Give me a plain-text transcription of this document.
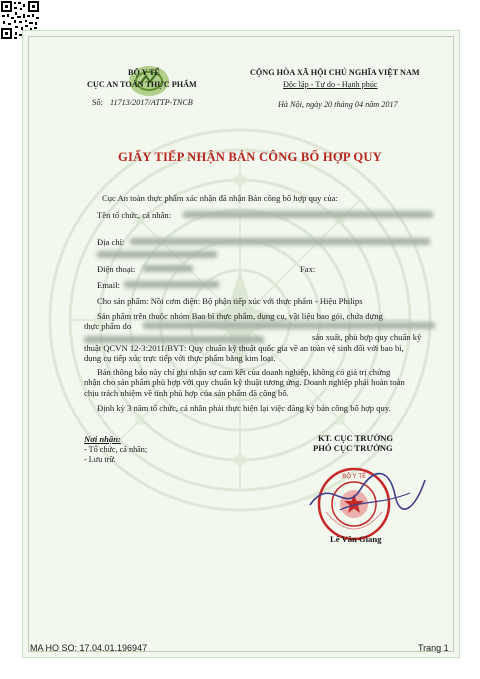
BỘ Y TẾ
CỤC AN TOÀN THỰC PHẨM
Số: 11713/2017/ATTP-TNCB
CỘNG HÒA XÃ HỘI CHỦ NGHĨA VIỆT NAM
Độc lập - Tự do - Hạnh phúc
Hà Nội, ngày 20 tháng 04 năm 2017
GIẤY TIẾP NHẬN BẢN CÔNG BỐ HỢP QUY
Cục An toàn thực phẩm xác nhận đã nhận Bản công bố hợp quy của:
Tên tổ chức, cá nhân:
Địa chỉ:
Điện thoại:	Fax:
Email:
Cho sản phẩm: Nồi cơm điện: Bộ phận tiếp xúc với thực phẩm - Hiệu Philips
Sản phẩm trên thuộc nhóm Bao bì thực phẩm, dụng cụ, vật liệu bao gói, chứa đựng
thực phẩm do
sản xuất, phù hợp quy chuẩn kỹ
thuật QCVN 12-3:2011/BYT: Quy chuẩn kỹ thuật quốc gia về an toàn vệ sinh đối với bao bì,
dụng cụ tiếp xúc trực tiếp với thực phẩm bằng kim loại.
Bản thông báo này chỉ ghi nhận sự cam kết của doanh nghiệp, không có giá trị chứng
nhận cho sản phẩm phù hợp với quy chuẩn kỹ thuật tương ứng. Doanh nghiệp phải hoàn toàn
chịu trách nhiệm về tính phù hợp của sản phẩm đã công bố.
Định kỳ 3 năm tổ chức, cá nhân phải thực hiện lại việc đăng ký bản công bố hợp quy.
Nơi nhận:
- Tổ chức, cá nhân;
- Lưu trữ.
KT. CỤC TRƯỞNG
PHÓ CỤC TRƯỞNG
BỘ Y TẾ
Lê Văn Giang
MA HO SO: 17.04.01.196947	Trang 1
